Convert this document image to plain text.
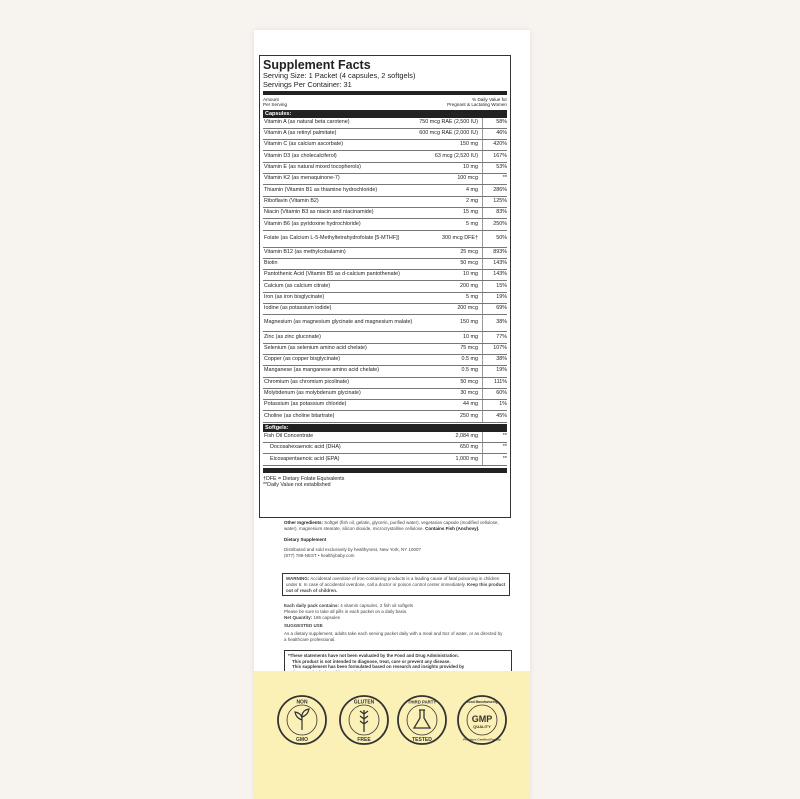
Supplement Facts
Serving Size: 1 Packet (4 capsules, 2 softgels)
Servings Per Container: 31
Amount
Per Serving
% Daily Value for
Pregnant & Lactating Women
Capsules:
Vitamin A (as natural beta carotene)	750 mcg RAE (2,500 IU)	58%
Vitamin A (as retinyl palmitate)	600 mcg RAE (2,000 IU)	46%
Vitamin C (as calcium ascorbate)	150 mg	420%
Vitamin D3 (as cholecalciferol)	63 mcg (2,520 IU)	167%
Vitamin E (as natural mixed tocopherols)	10 mg	53%
Vitamin K2 (as menaquinone-7)	100 mcg	**
Thiamin (Vitamin B1 as thiamine hydrochloride)	4 mg	286%
Riboflavin (Vitamin B2)	2 mg	125%
Niacin (Vitamin B3 as niacin and niacinamide)	15 mg	83%
Vitamin B6 (as pyridoxine hydrochloride)	5 mg	250%
Folate (as Calcium L-5-Methyltetrahydrofolate [5-MTHF])	300 mcg DFE†	50%
Vitamin B12 (as methylcobalamin)	25 mcg	893%
Biotin	50 mcg	143%
Pantothenic Acid (Vitamin B5 as d-calcium pantothenate)	10 mg	143%
Calcium (as calcium citrate)	200 mg	15%
Iron (as iron bisglycinate)	5 mg	19%
Iodine (as potassium iodide)	200 mcg	69%
Magnesium (as magnesium glycinate and magnesium malate)	150 mg	38%
Zinc (as zinc gluconate)	10 mg	77%
Selenium (as selenium amino acid chelate)	75 mcg	107%
Copper (as copper bisglycinate)	0.5 mg	38%
Manganese (as manganese amino acid chelate)	0.5 mg	19%
Chromium (as chromium picolinate)	50 mcg	111%
Molybdenum (as molybdenum glycinate)	30 mcg	60%
Potassium (as potassium chloride)	44 mg	1%
Choline (as choline bitartrate)	250 mg	45%
Softgels:
Fish Oil Concentrate	2,084 mg	**
Docosahexaenoic acid (DHA)	650 mg	**
Eicosapentaenoic acid (EPA)	1,000 mg	**
†DFE = Dietary Folate Equivalents
**Daily Value not established
Other Ingredients: Softgel (fish oil, gelatin, glycerin, purified water), vegetarian capsule (modified cellulose, water), magnesium stearate, silicon dioxide, microcrystalline cellulose. Contains Fish (Anchovy).
Dietary Supplement
Distributed and sold exclusively by healthynest, New York, NY 10007
(877) 788-NEST • healthybaby.com
WARNING: Accidental overdose of iron-containing products is a leading cause of fatal poisoning in children under 6. In case of accidental overdose, call a doctor or poison control center immediately. Keep this product out of reach of children.
Each daily pack contains: 4 vitamin capsules, 2 fish oil softgels
Please be sure to take all pills in each packet on a daily basis.
Net Quantity: 186 capsules
SUGGESTED USE
As a dietary supplement, adults take each serving packet daily with a meal and 8oz of water, or as directed by a healthcare professional.
*These statements have not been evaluated by the Food and Drug Administration.
This product is not intended to diagnose, treat, cure or prevent any disease.
This supplement has been formulated based on research and insights provided by
NON
GMO
GLUTEN
FREE
THIRD PARTY
TESTED
Good Manufacturing
GMP
QUALITY
Practices Certified Facility
